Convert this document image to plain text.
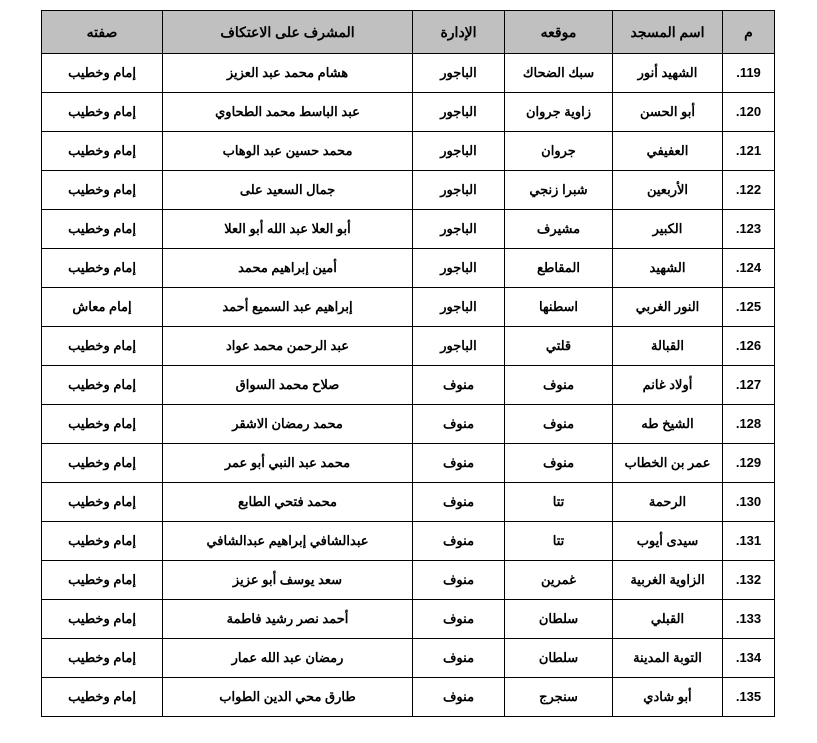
م	اسم المسجد	موقعه	الإدارة	المشرف على الاعتكاف	صفته
119.	الشهيد أنور	سبك الضحاك	الباجور	هشام محمد عبد العزيز	إمام وخطيب
120.	أبو الحسن	زاوية جروان	الباجور	عبد الباسط محمد الطحاوي	إمام وخطيب
121.	العفيفي	جروان	الباجور	محمد حسين عبد الوهاب	إمام وخطيب
122.	الأربعين	شبرا زنجي	الباجور	جمال السعيد على	إمام وخطيب
123.	الكبير	مشيرف	الباجور	أبو العلا عبد الله أبو العلا	إمام وخطيب
124.	الشهيد	المقاطع	الباجور	أمين إبراهيم محمد	إمام وخطيب
125.	النور الغربي	اسطنها	الباجور	إبراهيم عبد السميع أحمد	إمام معاش
126.	القبالة	قلتي	الباجور	عبد الرحمن محمد عواد	إمام وخطيب
127.	أولاد غانم	منوف	منوف	صلاح محمد السواق	إمام وخطيب
128.	الشيخ طه	منوف	منوف	محمد رمضان الاشقر	إمام وخطيب
129.	عمر بن الخطاب	منوف	منوف	محمد عبد النبي أبو عمر	إمام وخطيب
130.	الرحمة	تتا	منوف	محمد فتحي الطابع	إمام وخطيب
131.	سيدى أيوب	تتا	منوف	عبدالشافي إبراهيم عبدالشافي	إمام وخطيب
132.	الزاوية الغربية	غمرين	منوف	سعد يوسف أبو عزيز	إمام وخطيب
133.	القبلي	سلطان	منوف	أحمد نصر رشيد فاطمة	إمام وخطيب
134.	التوبة المدينة	سلطان	منوف	رمضان عبد الله عمار	إمام وخطيب
135.	أبو شادي	سنجرج	منوف	طارق محي الدين الطواب	إمام وخطيب
